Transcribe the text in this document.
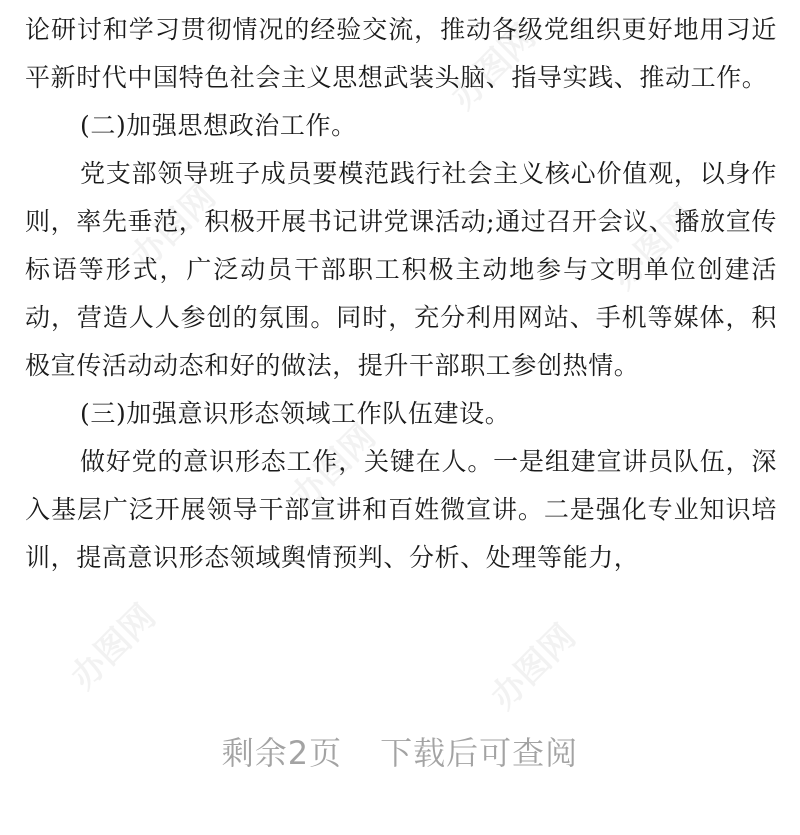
办图网
办图网
办图网
办图网
办图网	办图网

论研讨和学习贯彻情况的经验交流，推动各级党组织更好地用习近平新时代中国特色社会主义思想武装头脑、指导实践、推动工作。

(二)加强思想政治工作。

党支部领导班子成员要模范践行社会主义核心价值观，以身作则，率先垂范，积极开展书记讲党课活动;通过召开会议、播放宣传标语等形式，广泛动员干部职工积极主动地参与文明单位创建活动，营造人人参创的氛围。同时，充分利用网站、手机等媒体，积极宣传活动动态和好的做法，提升干部职工参创热情。

(三)加强意识形态领域工作队伍建设。

做好党的意识形态工作，关键在人。一是组建宣讲员队伍，深入基层广泛开展领导干部宣讲和百姓微宣讲。二是强化专业知识培训，提高意识形态领域舆情预判、分析、处理等能力，

剩余2页 下载后可查阅
